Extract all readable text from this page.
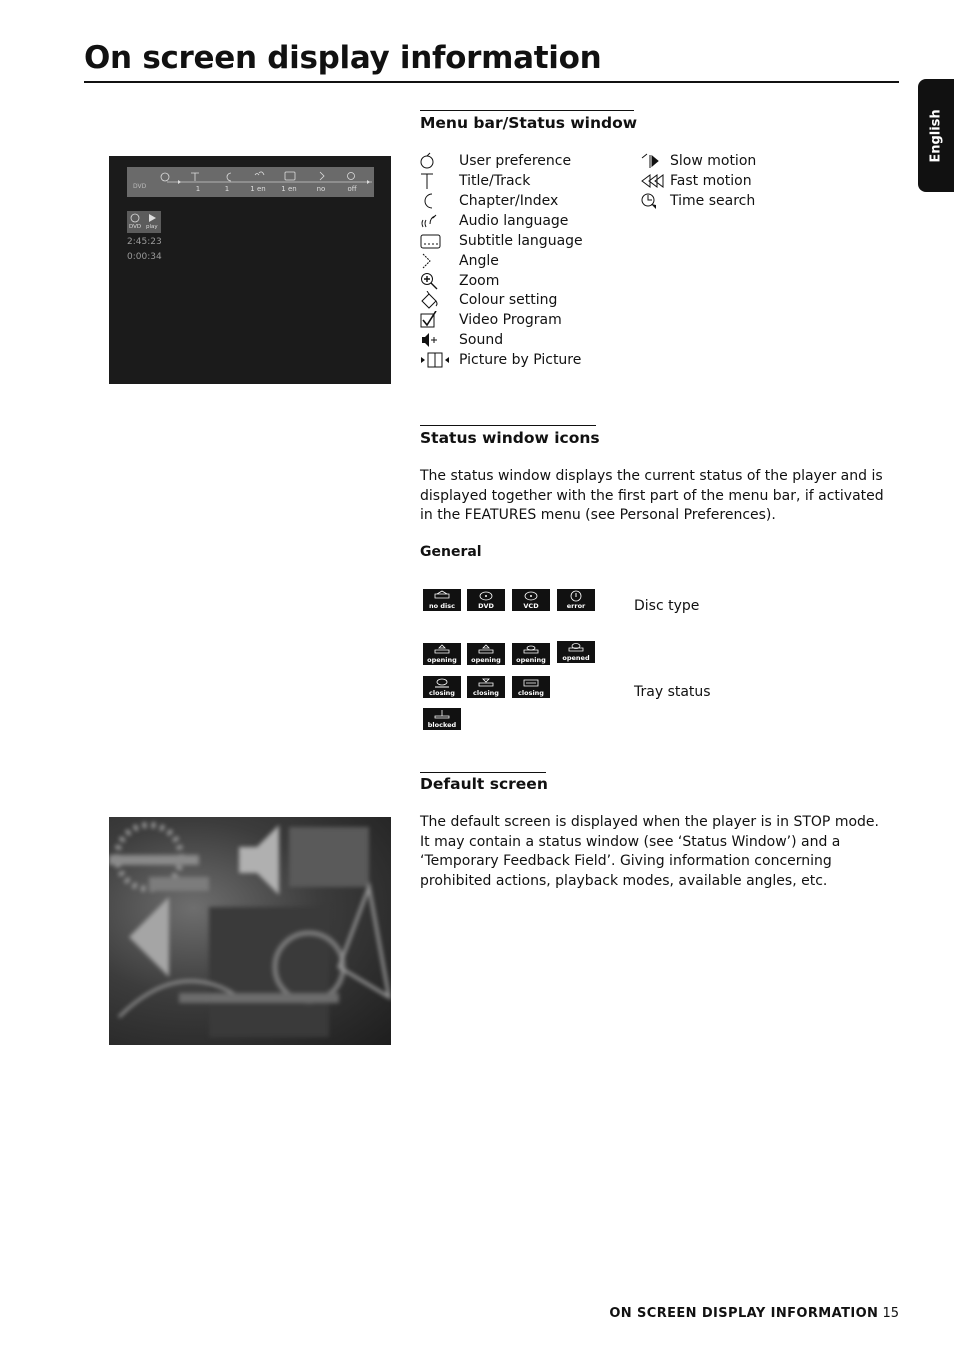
On screen display information
English
DVD	1	1	1 en	1 en	no	off
DVD play
2:45:23
0:00:34
Menu bar/Status window
User preference
Title/Track
Chapter/Index
Audio language
Subtitle language
Angle
Zoom
Colour setting
Video Program
Sound
Picture by Picture
Slow motion
Fast motion
Time search
Status window icons

The status window displays the current status of the player and is displayed together with the first part of the menu bar, if activated in the FEATURES menu (see Personal Preferences).

General
no disc	DVD	VCD	error	Disc type
opening	opening	opening	opened
closing	closing	closing
blocked
Tray status
Default screen
The default screen is displayed when the player is in STOP mode.
It may contain a status window (see ‘Status Window’) and a ‘Temporary Feedback Field’. Giving information concerning prohibited actions, playback modes, available angles, etc.
ON SCREEN DISPLAY INFORMATION 15
